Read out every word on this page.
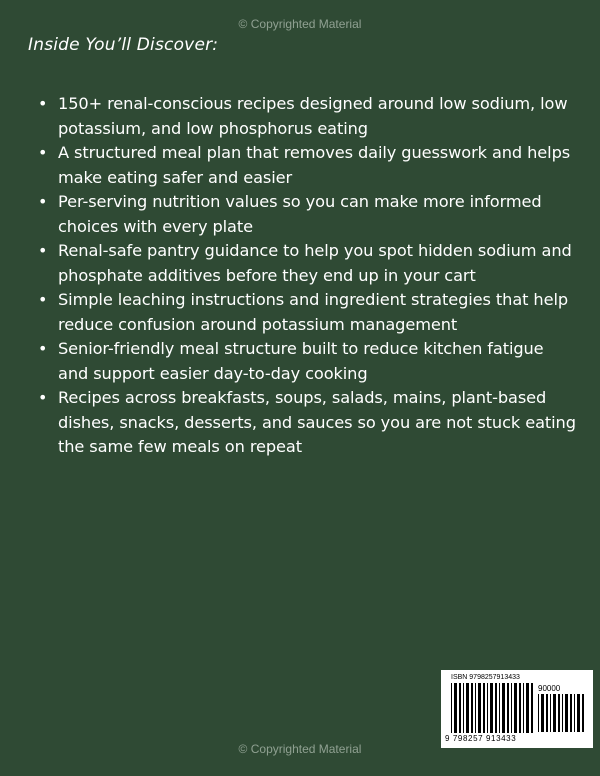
© Copyrighted Material
Inside You’ll Discover:
• 150+ renal-conscious recipes designed around low sodium, low potassium, and low phosphorus eating
• A structured meal plan that removes daily guesswork and helps make eating safer and easier
• Per-serving nutrition values so you can make more informed choices with every plate
• Renal-safe pantry guidance to help you spot hidden sodium and phosphate additives before they end up in your cart
• Simple leaching instructions and ingredient strategies that help reduce confusion around potassium management
• Senior-friendly meal structure built to reduce kitchen fatigue and support easier day-to-day cooking
• Recipes across breakfasts, soups, salads, mains, plant-based dishes, snacks, desserts, and sauces so you are not stuck eating the same few meals on repeat
ISBN 9798257913433
90000
9 798257 913433
© Copyrighted Material
